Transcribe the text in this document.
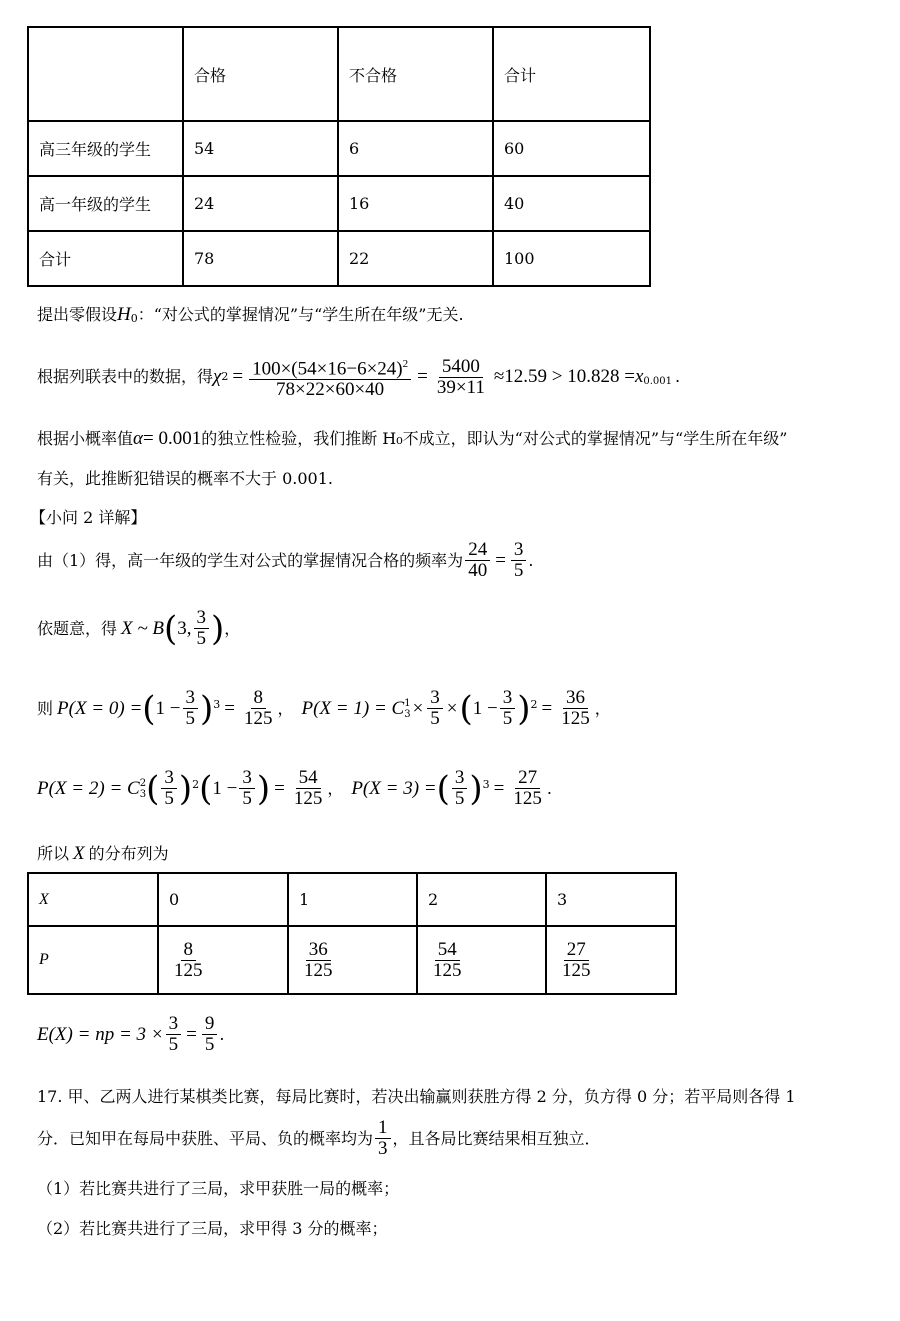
	合格	不合格	合计
高三年级的学生	54	6	60
高一年级的学生	24	16	40
合计	78	22	100
提出零假设 $H_0$ ：“对公式的掌握情况”与“学生所在年级”无关.
根据列联表中的数据，得 χ $2 = \frac{100\times(54\times 16-6\times 24)^2}{78\times 22\times 60\times 40} = \frac{5400}{39\times 11} \approx 12.59 > 10.828 = x_{0.001}$ .
根据小概率值 α = 0.001 的独立性检验，我们推断 H₀不成立，即认为“对公式的掌握情况”与“学生所在年级”
有关，此推断犯错误的概率不大于 0.001.
【小问 2 详解】
由（1）得，高一年级的学生对公式的掌握情况合格的频率为 $\frac{24}{40} = \frac{3}{5}$ .
依题意，得 X ~ B ( 3, $\frac{3}{5}$ ) ，
则 P(X = 0) = ( $1 - \frac{3}{5} )^3 = \frac{8}{125}$ ， P(X = 1) = C 1
$3 \times \frac{3}{5}$ × ( $1 - \frac{3}{5} )^2 = \frac{36}{125}$ ，
P(X = 2) = C 2
3 ( $\frac{3}{5} )^2$ ( $1 - \frac{3}{5}$ ) = $\frac{54}{125}$ ， P(X = 3) = ( $\frac{3}{5} )^3 = \frac{27}{125}$ .
所以 X 的分布列为
X	0	1	2	3
P	$\frac{8}{125}$	$\frac{36}{125}$	$\frac{54}{125}$	$\frac{27}{125}$
E(X) = np = $3 \times \frac{3}{5} = \frac{9}{5}$ .
17. 甲、乙两人进行某棋类比赛，每局比赛时，若决出输赢则获胜方得 2 分，负方得 0 分；若平局则各得 1
分．已知甲在每局中获胜、平局、负的概率均为 $\frac{1}{3}$ ，且各局比赛结果相互独立．
（1）若比赛共进行了三局，求甲获胜一局的概率；
（2）若比赛共进行了三局，求甲得 3 分的概率；
